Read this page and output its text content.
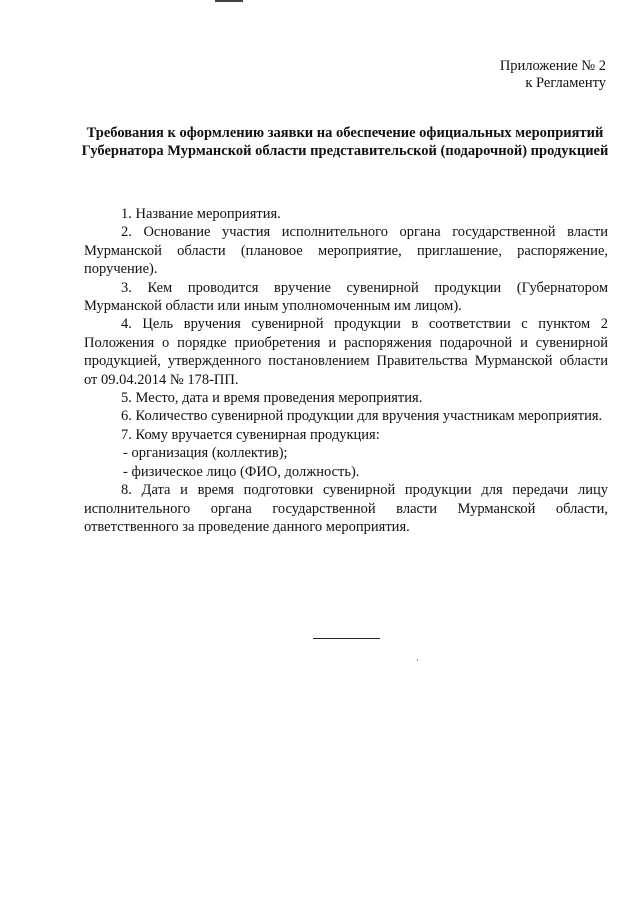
Приложение № 2
к Регламенту
Требования к оформлению заявки на обеспечение официальных мероприятий Губернатора Мурманской области представительской (подарочной) продукцией

1. Название мероприятия.

2. Основание участия исполнительного органа государственной власти Мурманской области (плановое мероприятие, приглашение, распоряжение, поручение).

3. Кем проводится вручение сувенирной продукции (Губернатором Мурманской области или иным уполномоченным им лицом).

4. Цель вручения сувенирной продукции в соответствии с пунктом 2 Положения о порядке приобретения и распоряжения подарочной и сувенирной продукцией, утвержденного постановлением Правительства Мурманской области от 09.04.2014 № 178-ПП.

5. Место, дата и время проведения мероприятия.

6. Количество сувенирной продукции для вручения участникам мероприятия.

7. Кому вручается сувенирная продукция:

- организация (коллектив);

- физическое лицо (ФИО, должность).

8. Дата и время подготовки сувенирной продукции для передачи лицу исполнительного органа государственной власти Мурманской области, ответственного за проведение данного мероприятия.
